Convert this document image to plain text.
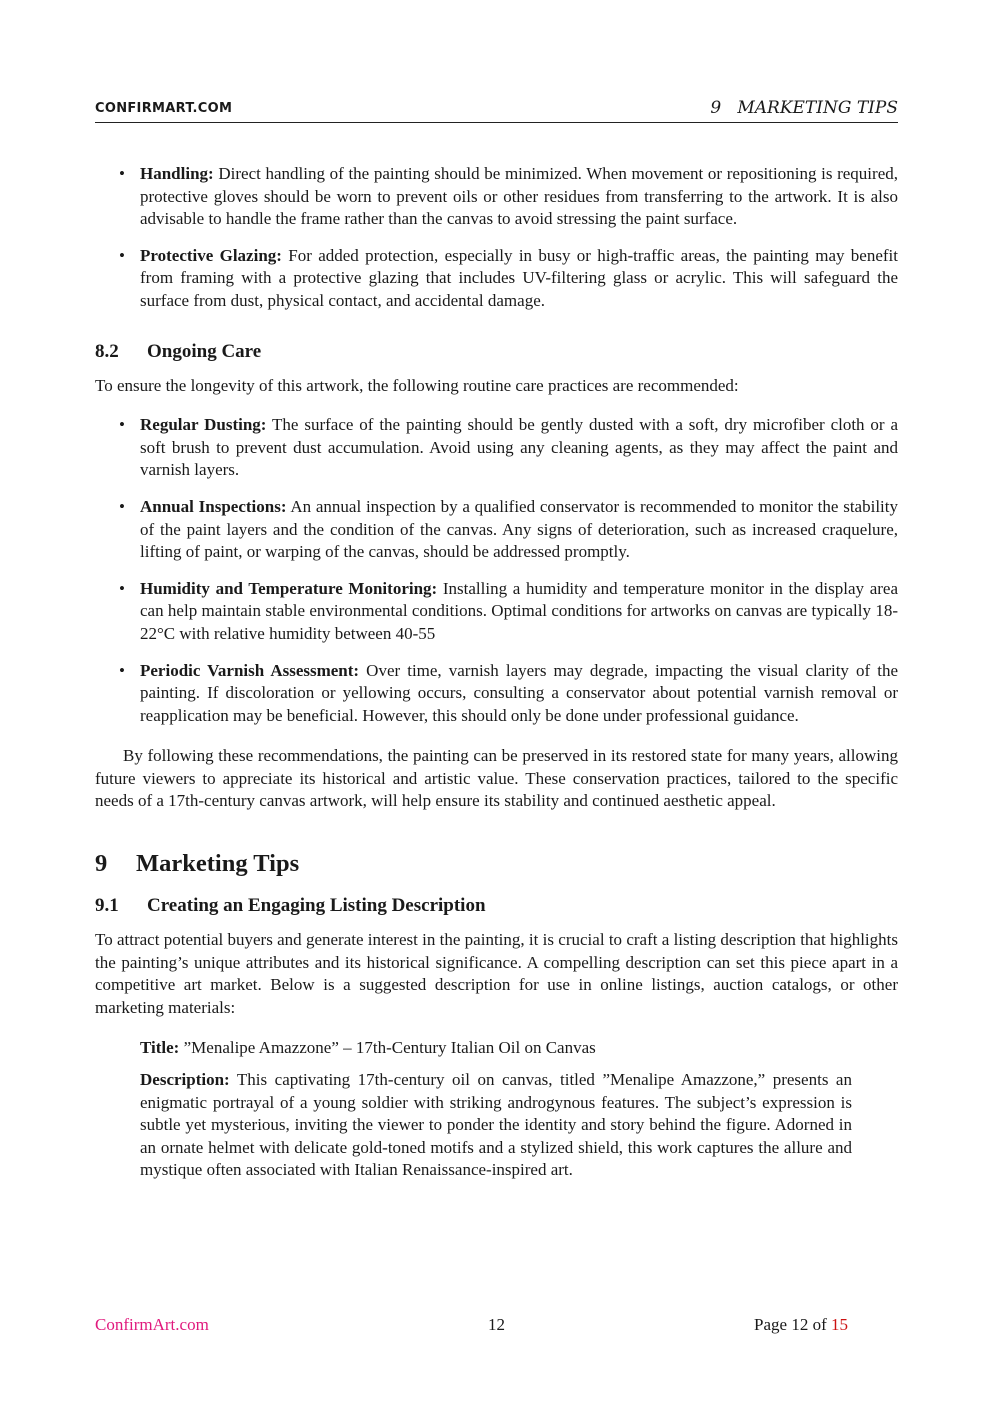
CONFIRMART.COM	9   MARKETING TIPS
• Handling: Direct handling of the painting should be minimized. When movement or repositioning is required, protective gloves should be worn to prevent oils or other residues from transferring to the artwork. It is also advisable to handle the frame rather than the canvas to avoid stressing the paint surface.
• Protective Glazing: For added protection, especially in busy or high-traffic areas, the painting may benefit from framing with a protective glazing that includes UV-filtering glass or acrylic. This will safeguard the surface from dust, physical contact, and accidental damage.
8.2 Ongoing Care

To ensure the longevity of this artwork, the following routine care practices are recommended:

• Regular Dusting: The surface of the painting should be gently dusted with a soft, dry microfiber cloth or a soft brush to prevent dust accumulation. Avoid using any cleaning agents, as they may affect the paint and varnish layers.
• Annual Inspections: An annual inspection by a qualified conservator is recommended to monitor the stability of the paint layers and the condition of the canvas. Any signs of deterioration, such as increased craquelure, lifting of paint, or warping of the canvas, should be addressed promptly.
• Humidity and Temperature Monitoring: Installing a humidity and temperature monitor in the display area can help maintain stable environmental conditions. Optimal conditions for artworks on canvas are typically 18-22°C with relative humidity between 40-55
• Periodic Varnish Assessment: Over time, varnish layers may degrade, impacting the visual clarity of the painting. If discoloration or yellowing occurs, consulting a conservator about potential varnish removal or reapplication may be beneficial. However, this should only be done under professional guidance.

By following these recommendations, the painting can be preserved in its restored state for many years, allowing future viewers to appreciate its historical and artistic value. These conservation practices, tailored to the specific needs of a 17th-century canvas artwork, will help ensure its stability and continued aesthetic appeal.

9 Marketing Tips
9.1 Creating an Engaging Listing Description

To attract potential buyers and generate interest in the painting, it is crucial to craft a listing description that highlights the painting’s unique attributes and its historical significance. A compelling description can set this piece apart in a competitive art market. Below is a suggested description for use in online listings, auction catalogs, or other marketing materials:

Title: ”Menalipe Amazzone” – 17th-Century Italian Oil on Canvas

Description: This captivating 17th-century oil on canvas, titled ”Menalipe Amazzone,” presents an enigmatic portrayal of a young soldier with striking androgynous features. The subject’s expression is subtle yet mysterious, inviting the viewer to ponder the identity and story behind the figure. Adorned in an ornate helmet with delicate gold-toned motifs and a stylized shield, this work captures the allure and mystique often associated with Italian Renaissance-inspired art.

ConfirmArt.com	12	Page 12 of 15
